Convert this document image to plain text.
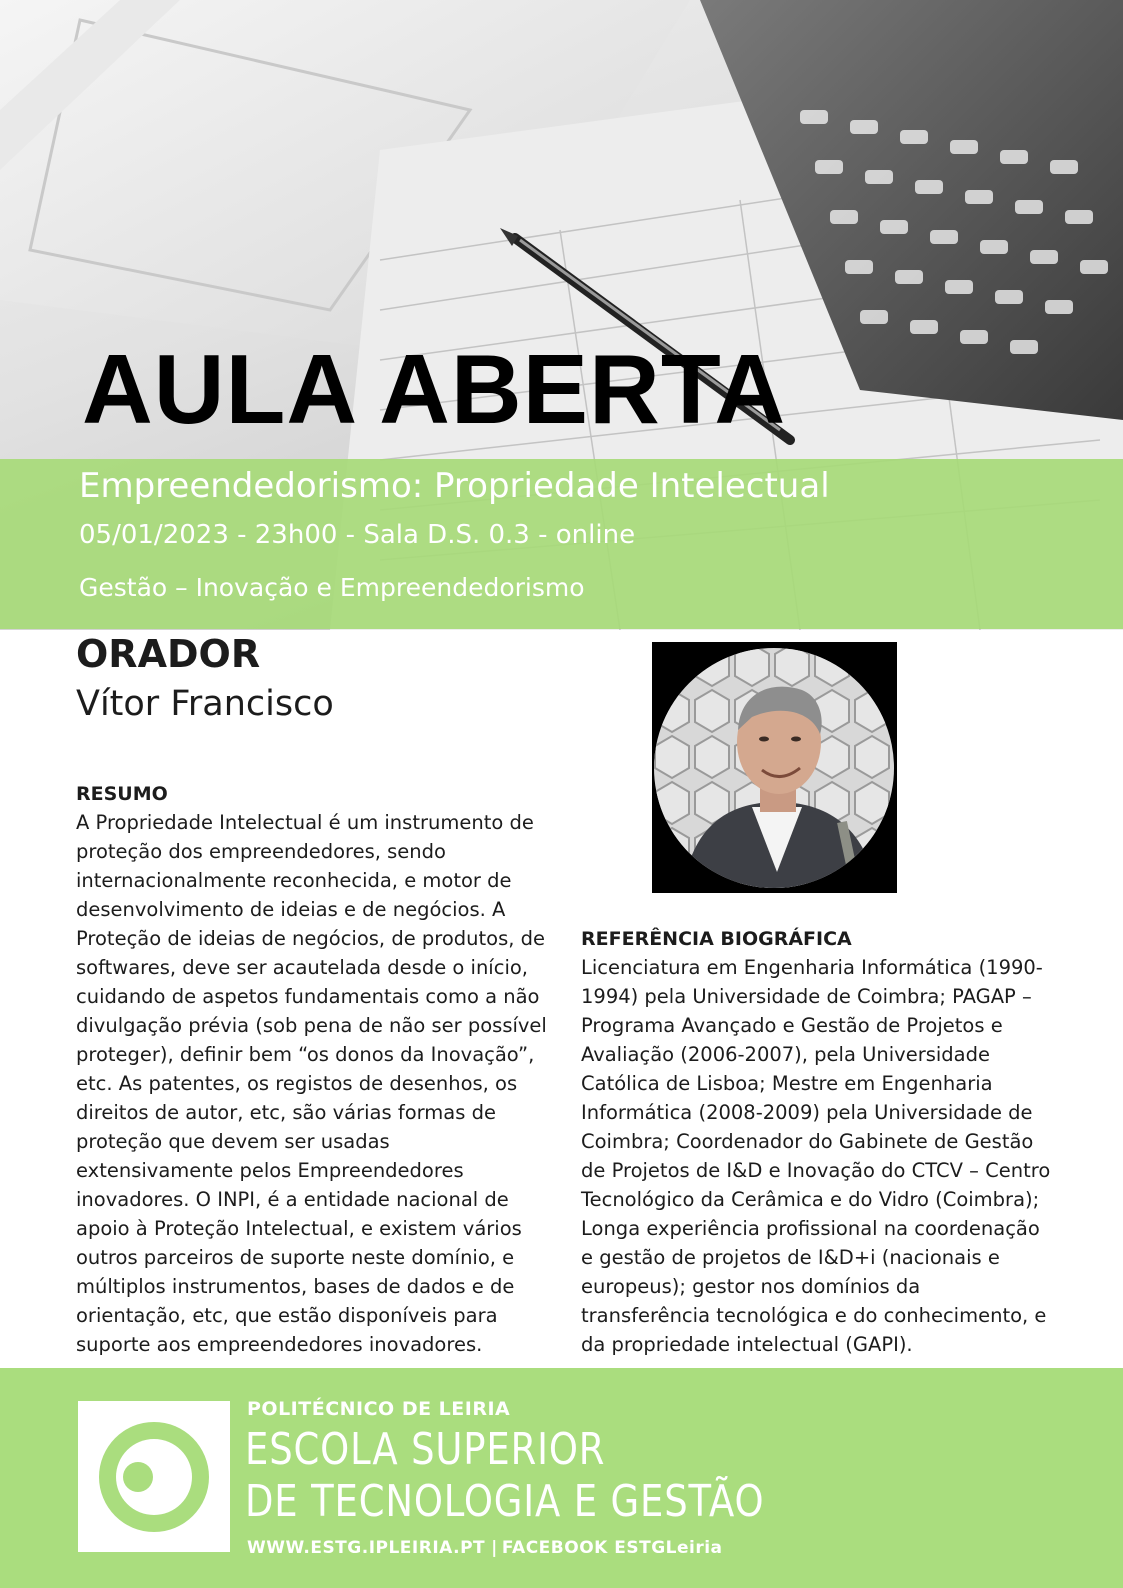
AULA ABERTA

Empreendedorismo: Propriedade Intelectual

05/01/2023 - 23h00 - Sala D.S. 0.3 - online

Gestão – Inovação e Empreendedorismo

ORADOR

Vítor Francisco

RESUMO

A Propriedade Intelectual é um instrumento de proteção dos empreendedores, sendo internacionalmente reconhecida, e motor de desenvolvimento de ideias e de negócios. A Proteção de ideias de negócios, de produtos, de softwares, deve ser acautelada desde o início, cuidando de aspetos fundamentais como a não divulgação prévia (sob pena de não ser possível proteger), definir bem “os donos da Inovação”, etc. As patentes, os registos de desenhos, os direitos de autor, etc, são várias formas de proteção que devem ser usadas extensivamente pelos Empreendedores inovadores. O INPI, é a entidade nacional de apoio à Proteção Intelectual, e existem vários outros parceiros de suporte neste domínio, e múltiplos instrumentos, bases de dados e de orientação, etc, que estão disponíveis para suporte aos empreendedores inovadores.

REFERÊNCIA BIOGRÁFICA

Licenciatura em Engenharia Informática (1990-1994) pela Universidade de Coimbra; PAGAP – Programa Avançado e Gestão de Projetos e Avaliação (2006-2007), pela Universidade Católica de Lisboa; Mestre em Engenharia Informática (2008-2009) pela Universidade de Coimbra; Coordenador do Gabinete de Gestão de Projetos de I&D e Inovação do CTCV – Centro Tecnológico da Cerâmica e do Vidro (Coimbra); Longa experiência profissional na coordenação e gestão de projetos de I&D+i (nacionais e europeus); gestor nos domínios da transferência tecnológica e do conhecimento, e da propriedade intelectual (GAPI).

POLITÉCNICO DE LEIRIA

ESCOLA SUPERIOR

DE TECNOLOGIA E GESTÃO

WWW.ESTG.IPLEIRIA.PT | FACEBOOK ESTGLeiria
